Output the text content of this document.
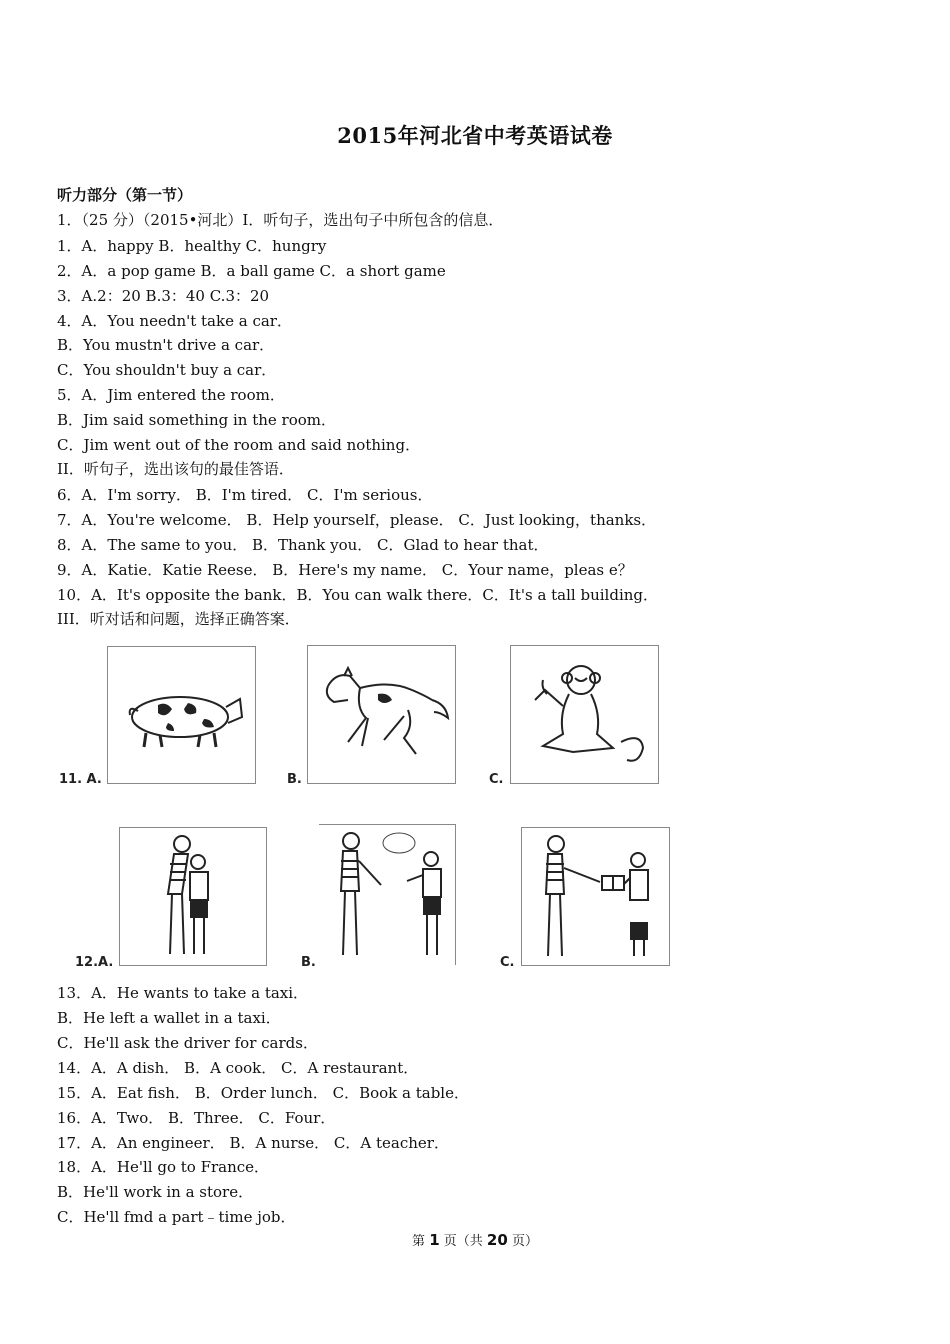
2015年河北省中考英语试卷
听力部分（第一节）
1．（25 分）（2015•河北）I．听句子，选出句子中所包含的信息．
1．A．happy B．healthy C．hungry
2．A．a pop game B．a ball game C．a short game
3．A.2：20 B.3：40 C.3：20
4．A．You needn't take a car．
B．You mustn't drive a car．
C．You shouldn't buy a car．
5．A．Jim entered the room．
B．Jim said something in the room．
C．Jim went out of the room and said nothing．
II．听句子，选出该句的最佳答语．
6．A．I'm sorry． B．I'm tired． C．I'm serious．
7．A．You're welcome． B．Help yourself，please． C．Just looking，thanks．
8．A．The same to you． B．Thank you． C．Glad to hear that．
9．A．Katie．Katie Reese． B．Here's my name． C．Your name，pleas e？
10．A．It's opposite the bank．B．You can walk there．C．It's a tall building．
III．听对话和问题，选择正确答案．
11. A.	B.	C.
12.A.	B.	C.
13．A．He wants to take a taxi．
B．He left a wallet in a taxi．
C．He'll ask the driver for cards．
14．A．A dish． B．A cook． C．A restaurant．
15．A．Eat fish． B．Order lunch． C．Book a table．
16．A．Two． B．Three． C．Four．
17．A．An engineer． B．A nurse． C．A teacher．
18．A．He'll go to France．
B．He'll work in a store．
C．He'll fmd a part﹣time job．
第 1 页（共 20 页）
